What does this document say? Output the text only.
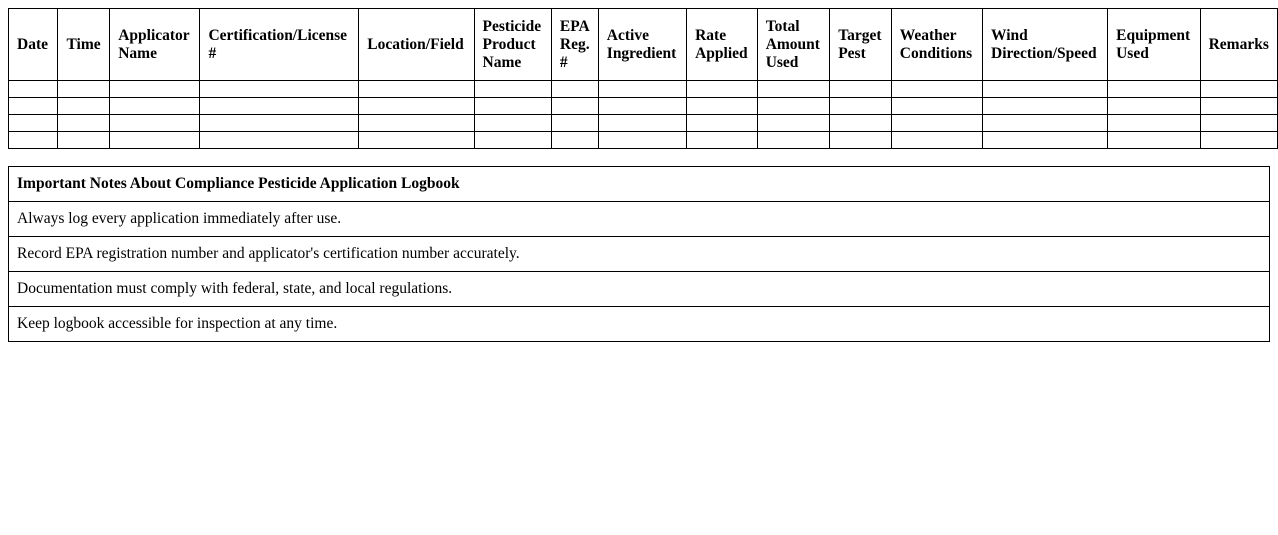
Date	Time	Applicator Name	Certification/License #	Location/Field	Pesticide Product Name	EPA Reg. #	Active Ingredient	Rate Applied	Total Amount Used	Target Pest	Weather Conditions	Wind Direction/Speed	Equipment Used	Remarks

Important Notes About Compliance Pesticide Application Logbook
Always log every application immediately after use.
Record EPA registration number and applicator's certification number accurately.
Documentation must comply with federal, state, and local regulations.
Keep logbook accessible for inspection at any time.
